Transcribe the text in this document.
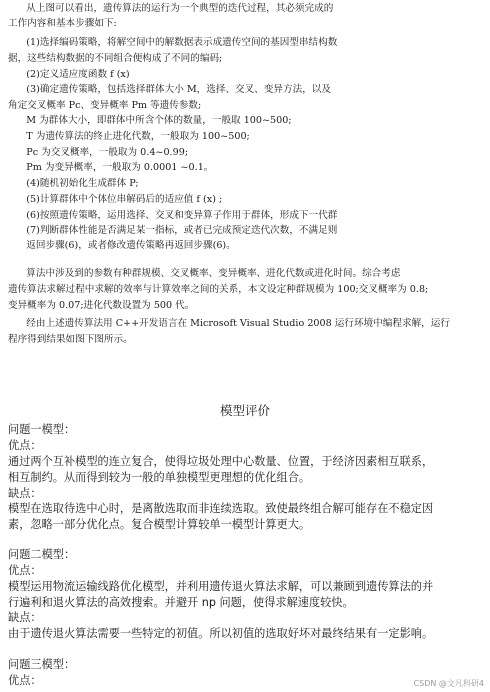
从上图可以看出，遗传算法的运行为一个典型的迭代过程，其必须完成的
工作内容和基本步骤如下:
(1)选择编码策略，将解空间中的解数据表示成遗传空间的基因型串结构数
据，这些结构数据的不同组合便构成了不同的编码;
(2)定义适应度函数 f (x)
(3)确定遗传策略，包括选择群体大小 M，选择、交叉、变异方法，以及
角定交叉概率 Pc、变异概率 Pm 等遗传参数;
M 为群体大小，即群体中所含个体的数量，一般取 100~500;
T 为遗传算法的终止进化代数，一般取为 100~500;
Pc 为交叉概率，一般取为 0.4~0.99;
Pm 为变异概率，一般取为 0.0001 ~0.1。
(4)随机初始化生成群体 P;
(5)计算群体中个体位串解码后的适应值 f (x) ;
(6)按照遗传策略，运用选择、交叉和变异算子作用于群体，形成下一代群
(7)判断群体性能是否满足某一指标，或者已完成预定迭代次数，不满足则
返回步骤(6)，或者修改遗传策略再返回步骤(6)。
算法中涉及到的参数有种群规模、交叉概率、变异概率、进化代数或进化时间。综合考虑
遗传算法求解过程中求解的效率与计算效率之间的关系，本文设定种群规模为 100;交叉概率为 0.8;
变异概率为 0.07;进化代数设置为 500 代。
经由上述遗传算法用 C++开发语言在 Microsoft Visual Studio 2008 运行环境中编程求解，运行
程序得到结果如图下图所示。
模型评价
问题一模型：
优点：
通过两个互补模型的连立复合，使得垃圾处理中心数量、位置，于经济因素相互联系，
相互制约。从而得到较为一般的单独模型更理想的优化组合。
缺点：
模型在选取待选中心时，是离散选取而非连续选取。致使最终组合解可能存在不稳定因
素，忽略一部分优化点。复合模型计算较单一模型计算更大。
问题二模型：
优点：
模型运用物流运输线路优化模型，并利用遗传退火算法求解，可以兼顾到遗传算法的并
行遍利和退火算法的高效搜索。并避开 np 问题，使得求解速度较快。
缺点：
由于遗传退火算法需要一些特定的初值。所以初值的选取好坏对最终结果有一定影响。
问题三模型：
优点：	CSDN @文凡科研4
